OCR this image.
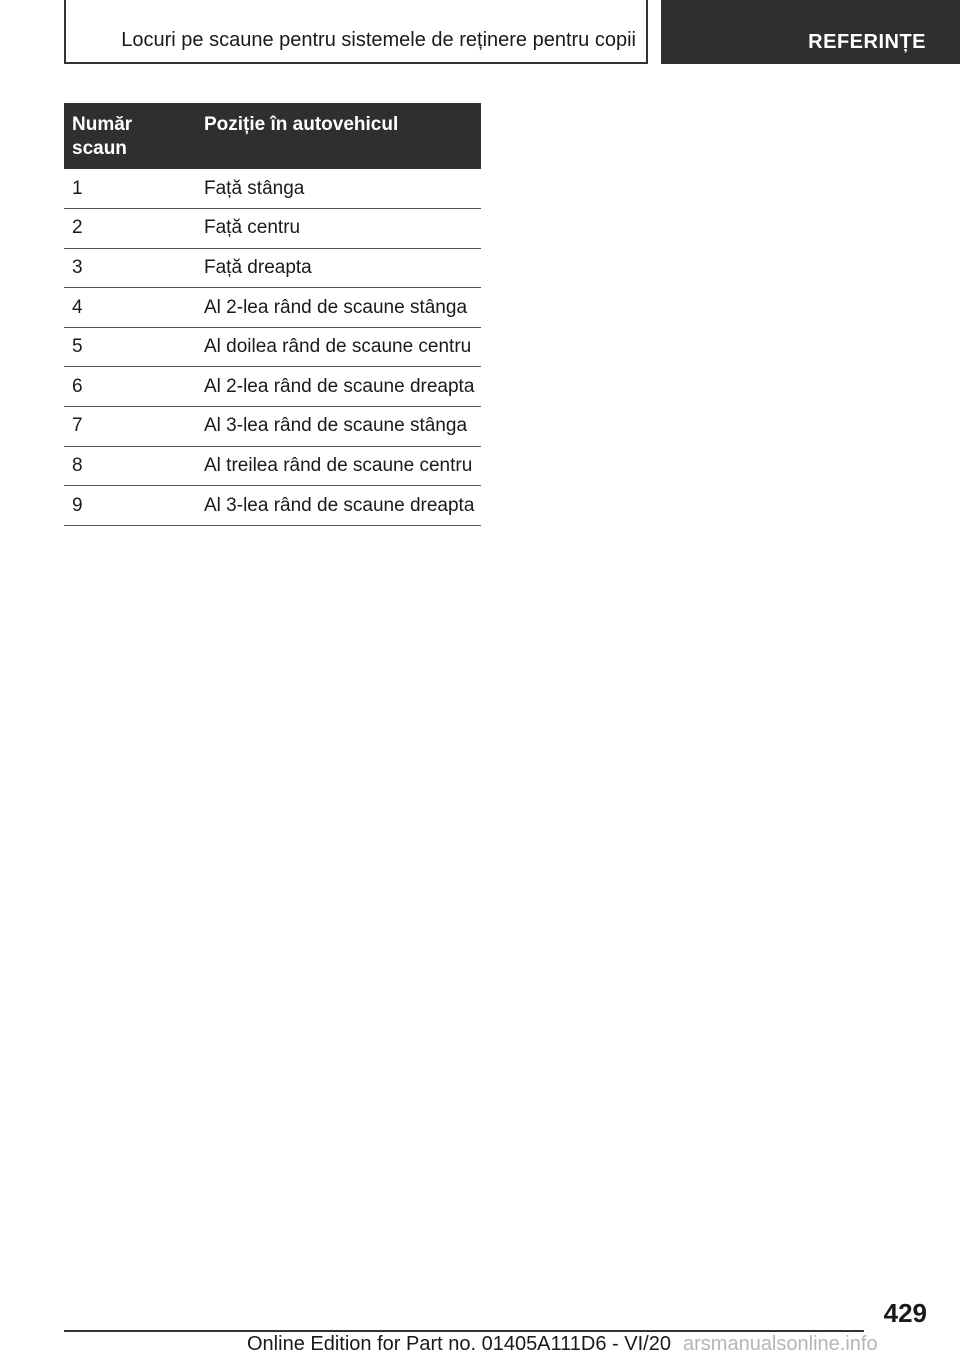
Locuri pe scaune pentru sistemele de reținere pentru copii	REFERINȚE
Număr scaun	Poziție în autovehicul
1	Față stânga
2	Față centru
3	Față dreapta
4	Al 2-lea rând de scaune stânga
5	Al doilea rând de scaune centru
6	Al 2-lea rând de scaune dreapta
7	Al 3-lea rând de scaune stânga
8	Al treilea rând de scaune centru
9	Al 3-lea rând de scaune dreapta
429
Online Edition for Part no. 01405A111D6 - VI/20 arsmanualsonline.info
